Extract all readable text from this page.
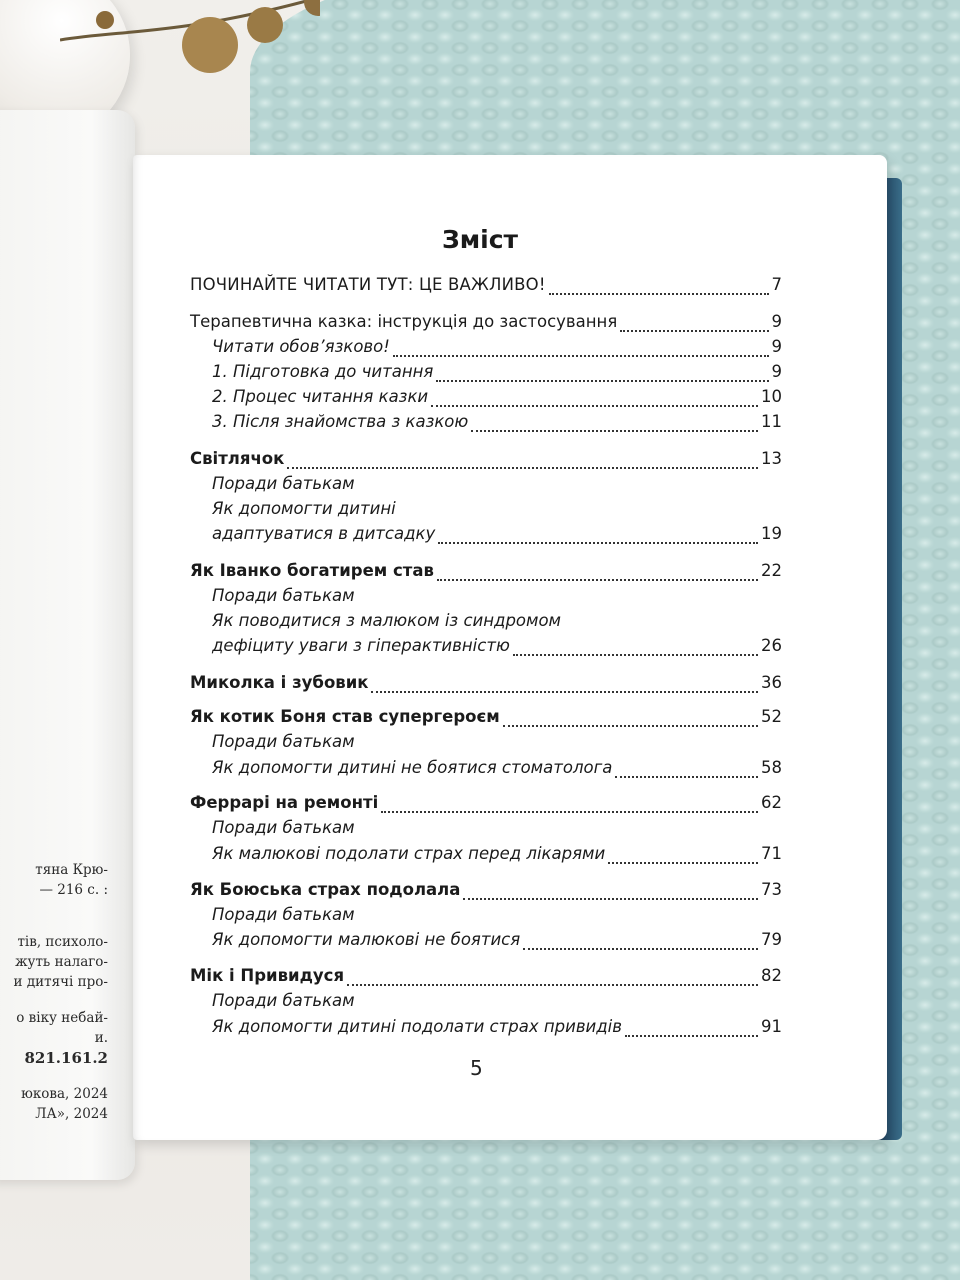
тяна Крю-
— 216 с. :
тів, психоло-
жуть налаго-
и дитячі про-
о віку небай-
и.
821.161.2
юкова, 2024
ЛА», 2024
Зміст
ПОЧИНАЙТЕ ЧИТАТИ ТУТ: ЦЕ ВАЖЛИВО!	7
Терапевтична казка: інструкція до застосування	9
Читати обов’язково!	9
1. Підготовка до читання	9
2. Процес читання казки	10
3. Після знайомства з казкою	11
Світлячок	13
Поради батькам
Як допомогти дитині
адаптуватися в дитсадку	19
Як Іванко богатирем став	22
Поради батькам
Як поводитися з малюком із синдромом
дефіциту уваги з гіперактивністю	26
Миколка і зубовик	36
Як котик Боня став супергероєм	52
Поради батькам
Як допомогти дитині не боятися стоматолога	58
Феррарі на ремонті	62
Поради батькам
Як малюкові подолати страх перед лікарями	71
Як Боюська страх подолала	73
Поради батькам
Як допомогти малюкові не боятися	79
Мік і Привидуся	82
Поради батькам
Як допомогти дитині подолати страх привидів	91
5
